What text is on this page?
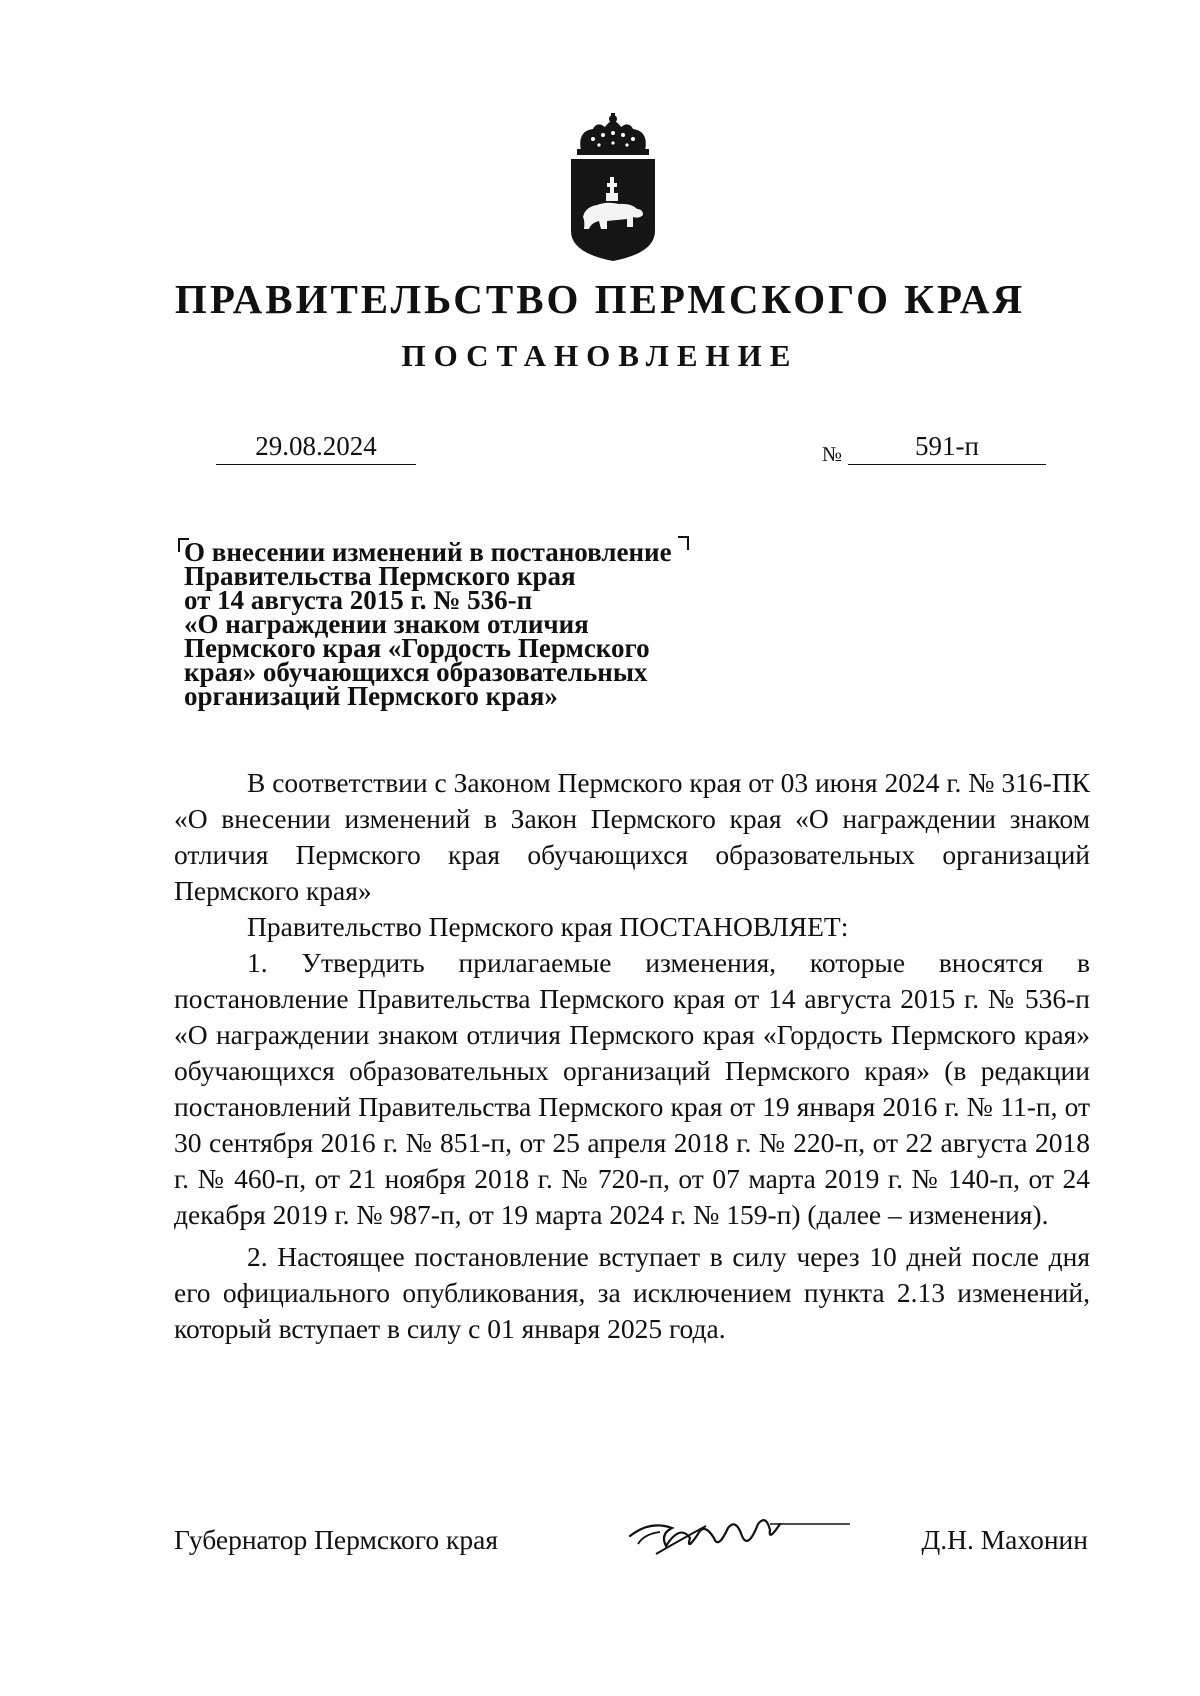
ПРАВИТЕЛЬСТВО ПЕРМСКОГО КРАЯ
ПОСТАНОВЛЕНИЕ
29.08.2024	№	591-п
О внесении изменений в постановление
Правительства Пермского края
от 14 августа 2015 г. № 536-п
«О награждении знаком отличия
Пермского края «Гордость Пермского
края» обучающихся образовательных
организаций Пермского края»

В соответствии с Законом Пермского края от 03 июня 2024 г. № 316-ПК «О внесении изменений в Закон Пермского края «О награждении знаком отличия Пермского края обучающихся образовательных организаций Пермского края»

Правительство Пермского края ПОСТАНОВЛЯЕТ:

1. Утвердить прилагаемые изменения, которые вносятся в постановление Правительства Пермского края от 14 августа 2015 г. № 536-п «О награждении знаком отличия Пермского края «Гордость Пермского края» обучающихся образовательных организаций Пермского края» (в редакции постановлений Правительства Пермского края от 19 января 2016 г. № 11-п, от 30 сентября 2016 г. № 851-п, от 25 апреля 2018 г. № 220-п, от 22 августа 2018 г. № 460-п, от 21 ноября 2018 г. № 720-п, от 07 марта 2019 г. № 140-п, от 24 декабря 2019 г. № 987-п, от 19 марта 2024 г. № 159-п) (далее – изменения).

2. Настоящее постановление вступает в силу через 10 дней после дня его официального опубликования, за исключением пункта 2.13 изменений, который вступает в силу с 01 января 2025 года.

Губернатор Пермского края	Д.Н. Махонин
